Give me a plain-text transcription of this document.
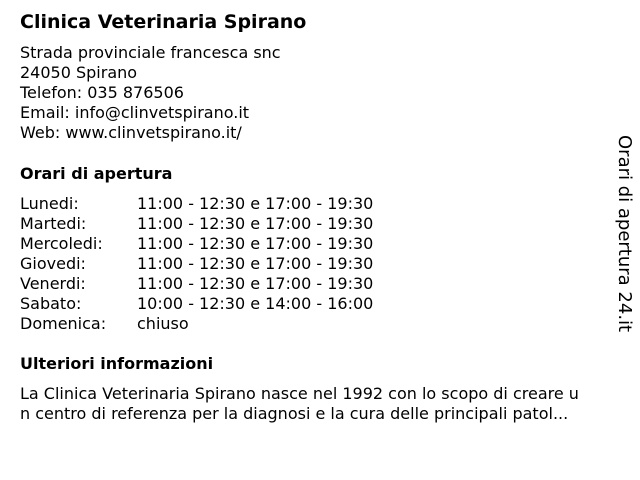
Clinica Veterinaria Spirano
Strada provinciale francesca snc
24050 Spirano
Telefon: 035 876506
Email: info@clinvetspirano.it
Web: www.clinvetspirano.it/
Orari di apertura
Lunedi:	11:00 - 12:30 e 17:00 - 19:30
Martedi:	11:00 - 12:30 e 17:00 - 19:30
Mercoledi: 11:00 - 12:30 e 17:00 - 19:30
Giovedi:	11:00 - 12:30 e 17:00 - 19:30
Venerdi:	11:00 - 12:30 e 17:00 - 19:30
Sabato:	10:00 - 12:30 e 14:00 - 16:00
Domenica: chiuso
Ulteriori informazioni
La Clinica Veterinaria Spirano nasce nel 1992 con lo scopo di creare u
n centro di referenza per la diagnosi e la cura delle principali patol...
Orari di apertura 24.it
